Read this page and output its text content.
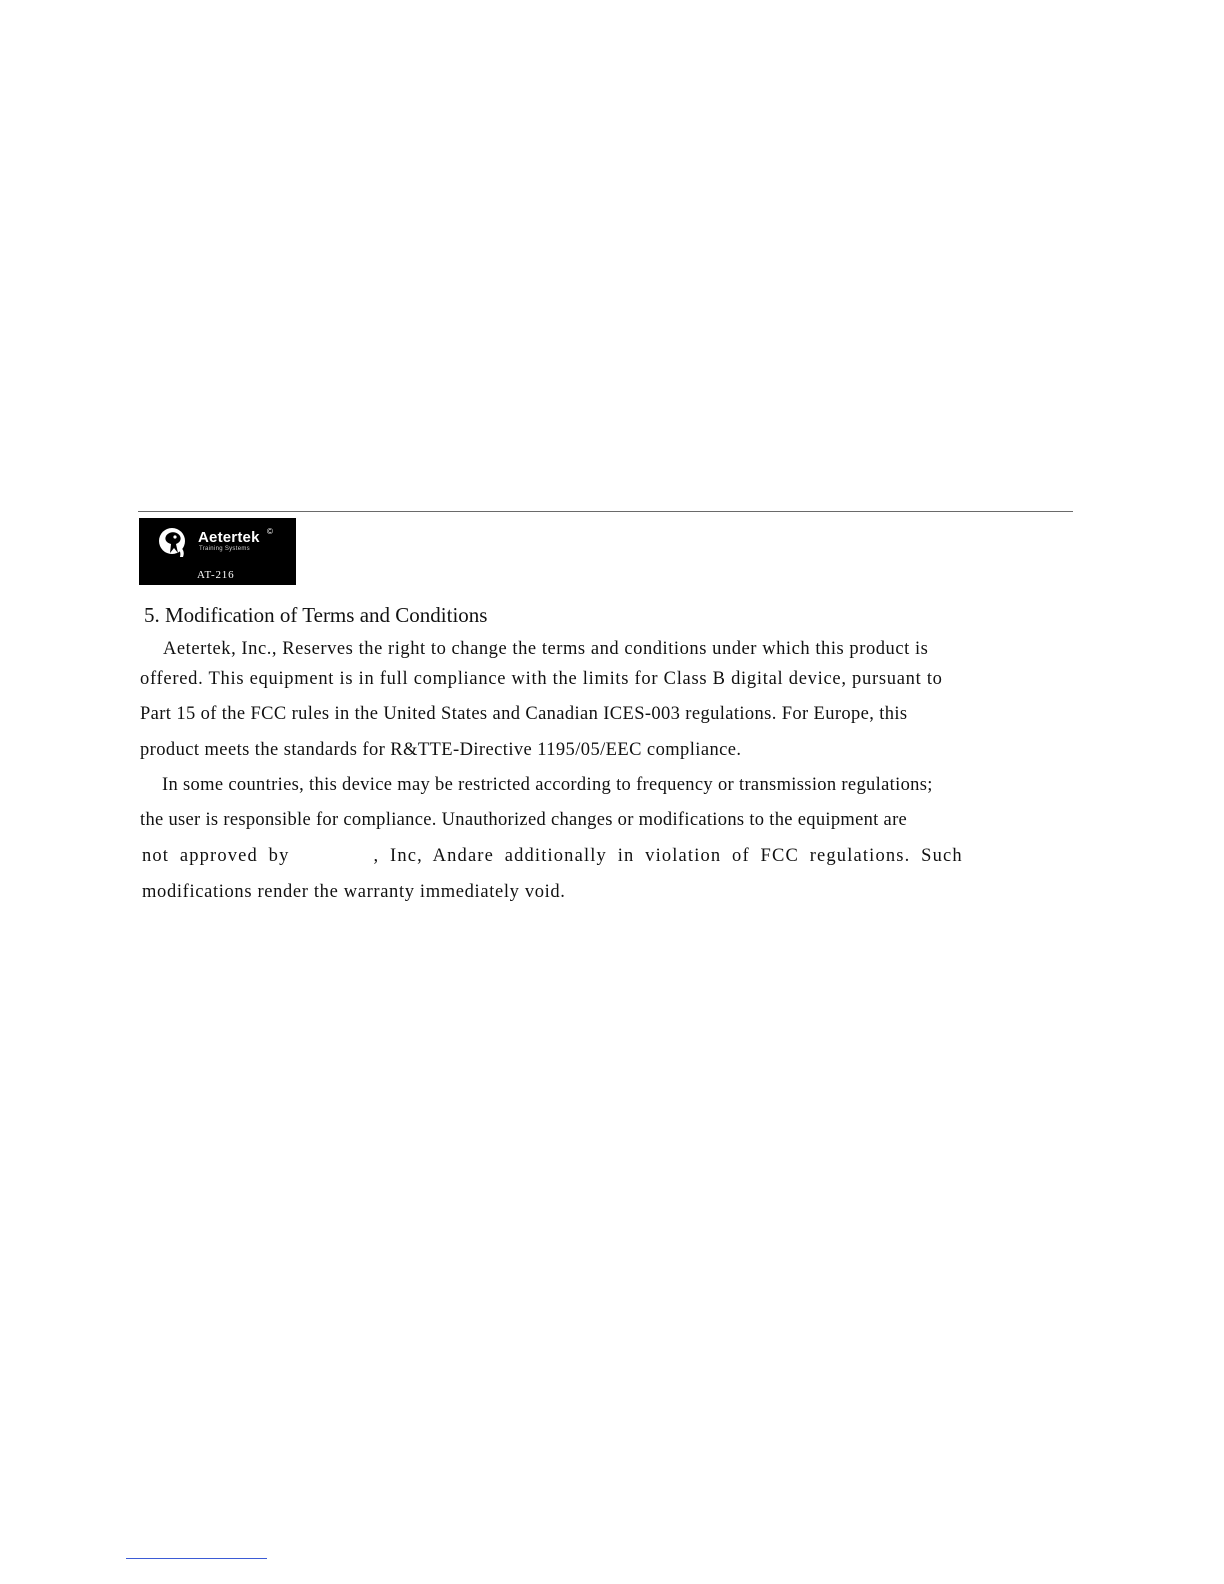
Aetertek ©
Training Systems
AT-216
5. Modification of Terms and Conditions
Aetertek, Inc., Reserves the right to change the terms and conditions under which this product is
offered. This equipment is in full compliance with the limits for Class B digital device, pursuant to
Part 15 of the FCC rules in the United States and Canadian ICES-003 regulations. For Europe, this
product meets the standards for R&TTE-Directive 1195/05/EEC compliance.
In some countries, this device may be restricted according to frequency or transmission regulations;
the user is responsible for compliance. Unauthorized changes or modifications to the equipment are
not approved by	, Inc, Andare additionally in violation of FCC regulations. Such
modifications render the warranty immediately void.
